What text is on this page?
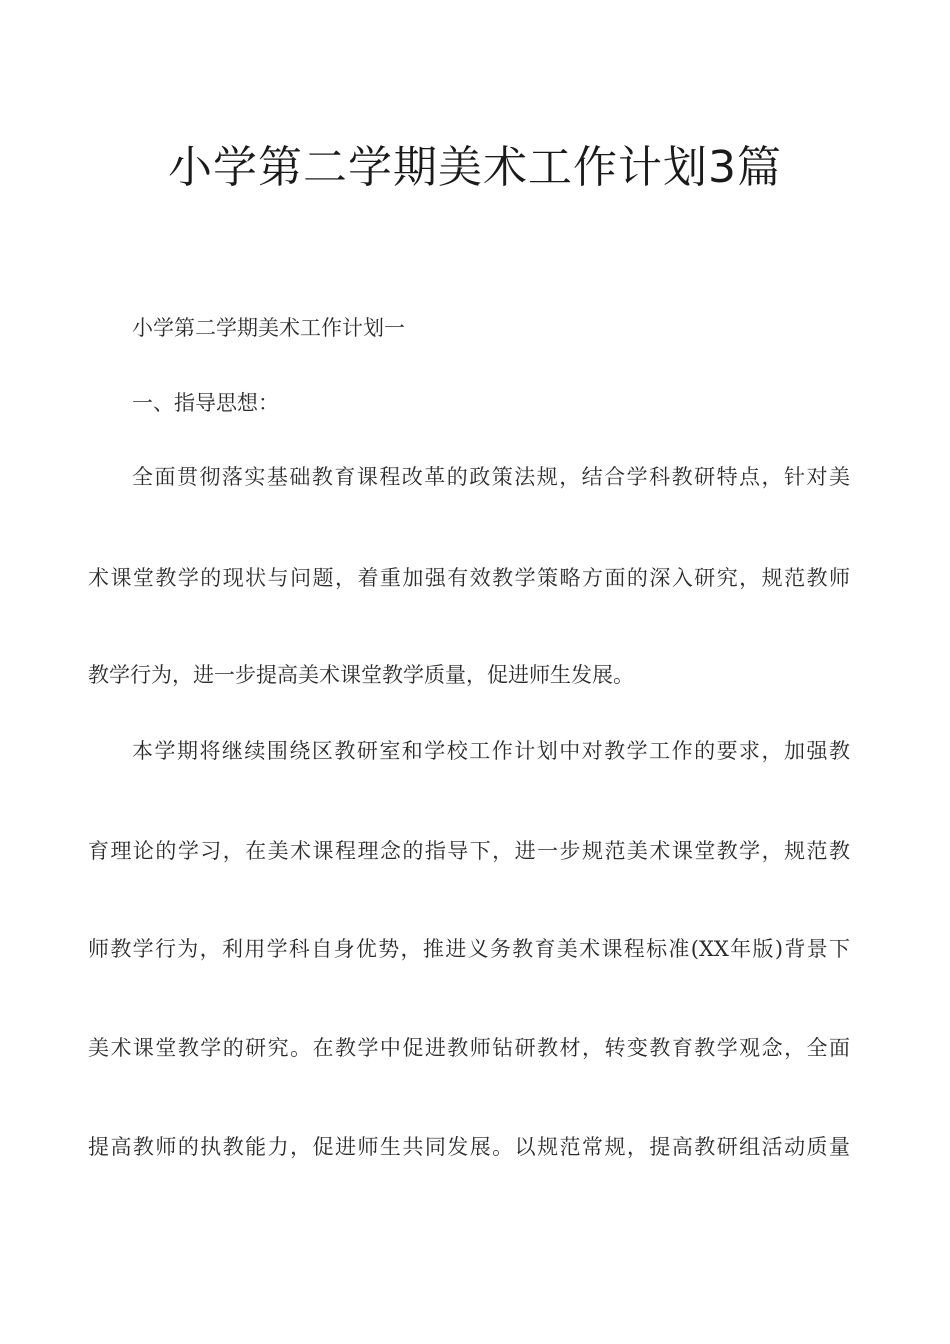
小学第二学期美术工作计划3篇

小学第二学期美术工作计划一

一、指导思想：

全面贯彻落实基础教育课程改革的政策法规，结合学科教研特点，针对美

术课堂教学的现状与问题，着重加强有效教学策略方面的深入研究，规范教师

教学行为，进一步提高美术课堂教学质量，促进师生发展。

本学期将继续围绕区教研室和学校工作计划中对教学工作的要求，加强教

育理论的学习，在美术课程理念的指导下，进一步规范美术课堂教学，规范教

师教学行为，利用学科自身优势，推进义务教育美术课程标准(XX年版)背景下

美术课堂教学的研究。在教学中促进教师钻研教材，转变教育教学观念，全面

提高教师的执教能力，促进师生共同发展。以规范常规，提高教研组活动质量
